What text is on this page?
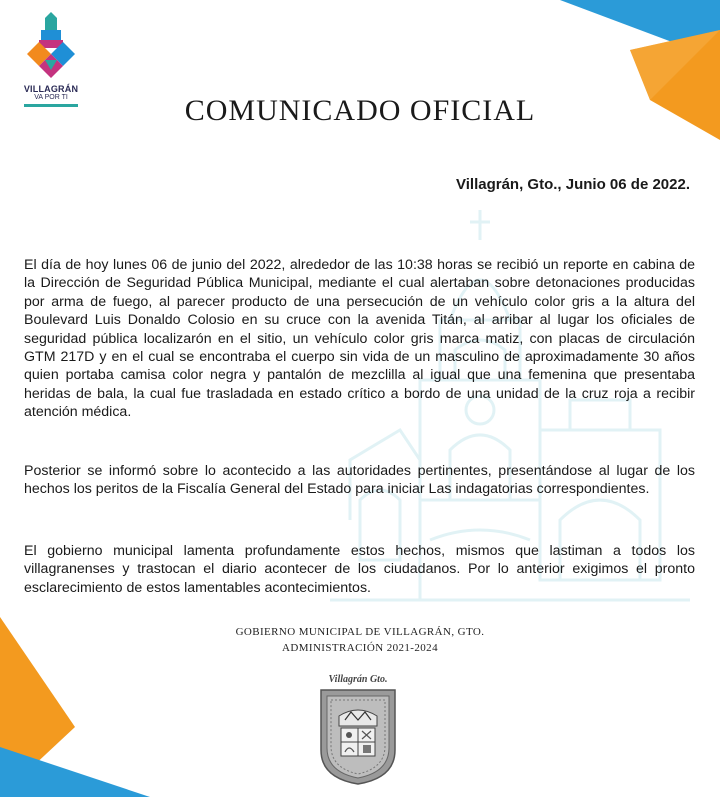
VILLAGRÁN
VA POR TI	COMUNICADO OFICIAL
Villagrán, Gto., Junio 06 de 2022.
El día de hoy lunes 06 de junio del 2022, alrededor de las 10:38 horas se recibió un reporte en cabina de la Dirección de Seguridad Pública Municipal, mediante el cual alertaban sobre detonaciones producidas por arma de fuego, al parecer producto de una persecución de un vehículo color gris a la altura del Boulevard Luis Donaldo Colosio en su cruce con la avenida Titán, al arribar al lugar los oficiales de seguridad pública localizarón en el sitio, un vehículo color gris marca matiz, con placas de circulación GTM 217D y en el cual se encontraba el cuerpo sin vida de un masculino de aproximadamente 30 años quien portaba camisa color negra y pantalón de mezclilla al igual que una femenina que presentaba heridas de bala, la cual fue trasladada en estado crítico a bordo de una unidad de la cruz roja a recibir atención médica.
Posterior se informó sobre lo acontecido a las autoridades pertinentes, presentándose al lugar de los hechos los peritos de la Fiscalía General del Estado para iniciar Las indagatorias correspondientes.
El gobierno municipal lamenta profundamente estos hechos, mismos que lastiman a todos los villagranenses y trastocan el diario acontecer de los ciudadanos. Por lo anterior exigimos el pronto esclarecimiento de estos lamentables acontecimientos.
GOBIERNO MUNICIPAL DE VILLAGRÁN, GTO.
ADMINISTRACIÓN 2021-2024
Villagrán Gto.
